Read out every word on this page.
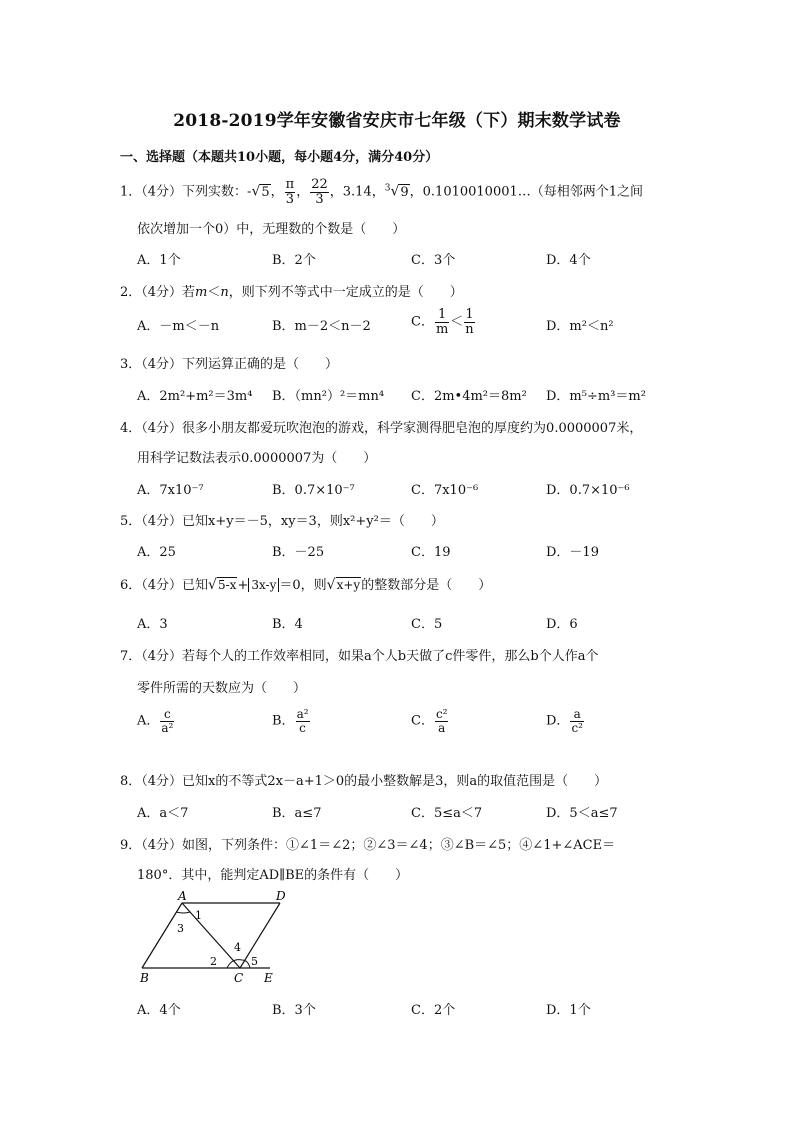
2018-2019学年安徽省安庆市七年级（下）期末数学试卷
一、选择题（本题共10小题，每小题4分，满分40分）
1．（4分）下列实数：-√5， $\frac{\pi}{3}$ ， $\frac{22}{3}$ ，3.14，$^3$√9，0.1010010001…（每相邻两个1之间
依次增加一个0）中，无理数的个数是（　　）
A．1个	B．2个	C．3个	D．4个
2．（4分）若m＜n，则下列不等式中一定成立的是（　　）
A．－m＜－n	B．m－2＜n－2	C． $\frac{1}{m} < \frac{1}{n}$	D．m²＜n²
3．（4分）下列运算正确的是（　　）
A．2m²+m²＝3m⁴ B．（mn²）²＝mn⁴ C．2m•4m²＝8m² D．m⁵÷m³＝m²
4．（4分）很多小朋友都爱玩吹泡泡的游戏，科学家测得肥皂泡的厚度约为0.0000007米，
用科学记数法表示0.0000007为（　　）
A．7x10⁻⁷	B．0.7×10⁻⁷	C．7x10⁻⁶	D．0.7×10⁻⁶
5．（4分）已知x+y＝－5，xy＝3，则x²+y²＝（　　）
A．25	B．－25	C．19	D．－19
6．（4分）已知√5-x+ 3x-y ＝0，则√x+y的整数部分是（　　）
A．3	B．4	C．5	D．6
7．（4分）若每个人的工作效率相同，如果a个人b天做了c件零件，那么b个人作a个
零件所需的天数应为（　　）
A． $\frac{c}{\text{a²}}$	B． $\frac{\text{a²}}{c}$	C． $\frac{\text{c²}}{a}$	D． $\frac{a}{\text{c²}}$
8．（4分）已知x的不等式2x－a+1＞0的最小整数解是3，则a的取值范围是（　　）
A．a＜7	B．a≤7	C．5≤a＜7	D．5＜a≤7
9．（4分）如图，下列条件：①∠1＝∠2；②∠3＝∠4；③∠B＝∠5；④∠1+∠ACE＝
180°．其中，能判定AD∥BE的条件有（　　）
A	D
B	C E
1
3
4
2	5
A．4个	B．3个	C．2个	D．1个
